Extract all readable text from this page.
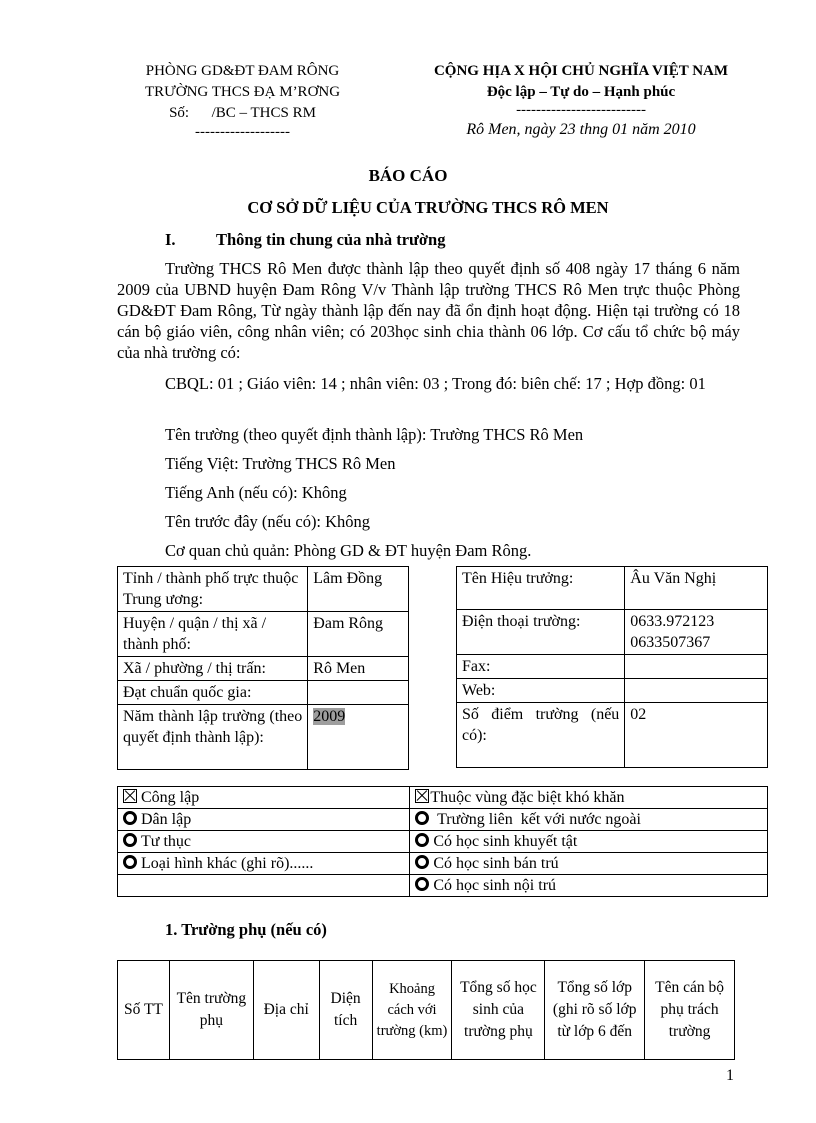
PHÒNG GD&ĐT ĐAM RÔNG
TRƯỜNG THCS ĐẠ M’RƠNG
Số:      /BC – THCS RM
-------------------
CỘNG HỊA X HỘI CHỦ NGHĨA VIỆT NAM
Độc lập – Tự do – Hạnh phúc
--------------------------
Rô Men, ngày 23 thng 01 năm 2010
BÁO CÁO
CƠ SỞ DỮ LIỆU CỦA TRƯỜNG THCS RÔ MEN
I. Thông tin chung của nhà trường
Trường THCS Rô Men được thành lập theo quyết định số 408 ngày 17 tháng 6 năm 2009 của UBND huyện Đam Rông V/v Thành lập trường THCS Rô Men trực thuộc Phòng GD&ĐT Đam Rông, Từ ngày thành lập đến nay đã ổn định hoạt động. Hiện tại trường có 18 cán bộ giáo viên, công nhân viên; có 203học sinh chia thành 06 lớp. Cơ cấu tổ chức bộ máy của nhà trường có:
CBQL: 01 ; Giáo viên: 14 ; nhân viên: 03 ; Trong đó: biên chế: 17 ; Hợp đồng: 01
Tên trường (theo quyết định thành lập): Trường THCS Rô Men
Tiếng Việt: Trường THCS Rô Men
Tiếng Anh (nếu có): Không
Tên trước đây (nếu có): Không
Cơ quan chủ quản: Phòng GD & ĐT huyện Đam Rông.
Tỉnh / thành phố trực thuộc Trung ương:	Lâm Đồng
Huyện / quận / thị xã / thành phố:	Đam Rông
Xã / phường / thị trấn:	Rô Men
Đạt chuẩn quốc gia:	
Năm thành lập trường (theo quyết định thành lập):	2009
Tên Hiệu trưởng:	Âu Văn Nghị
Điện thoại trường:	0633.972123 0633507367
Fax:	
Web:	
Số điểm trường (nếu có):	02
Công lập	Thuộc vùng đặc biệt khó khăn
Dân lập	Trường liên  kết với nước ngoài
Tư thục	Có học sinh khuyết tật
Loại hình khác (ghi rõ)......	Có học sinh bán trú
	Có học sinh nội trú
1. Trường phụ (nếu có)
Số TT	Tên trường phụ	Địa chỉ	Diện tích	Khoảng cách với trường (km)	Tổng số học sinh của trường phụ	Tổng số lớp (ghi rõ số lớp từ lớp 6 đến	Tên cán bộ phụ trách trường
1
